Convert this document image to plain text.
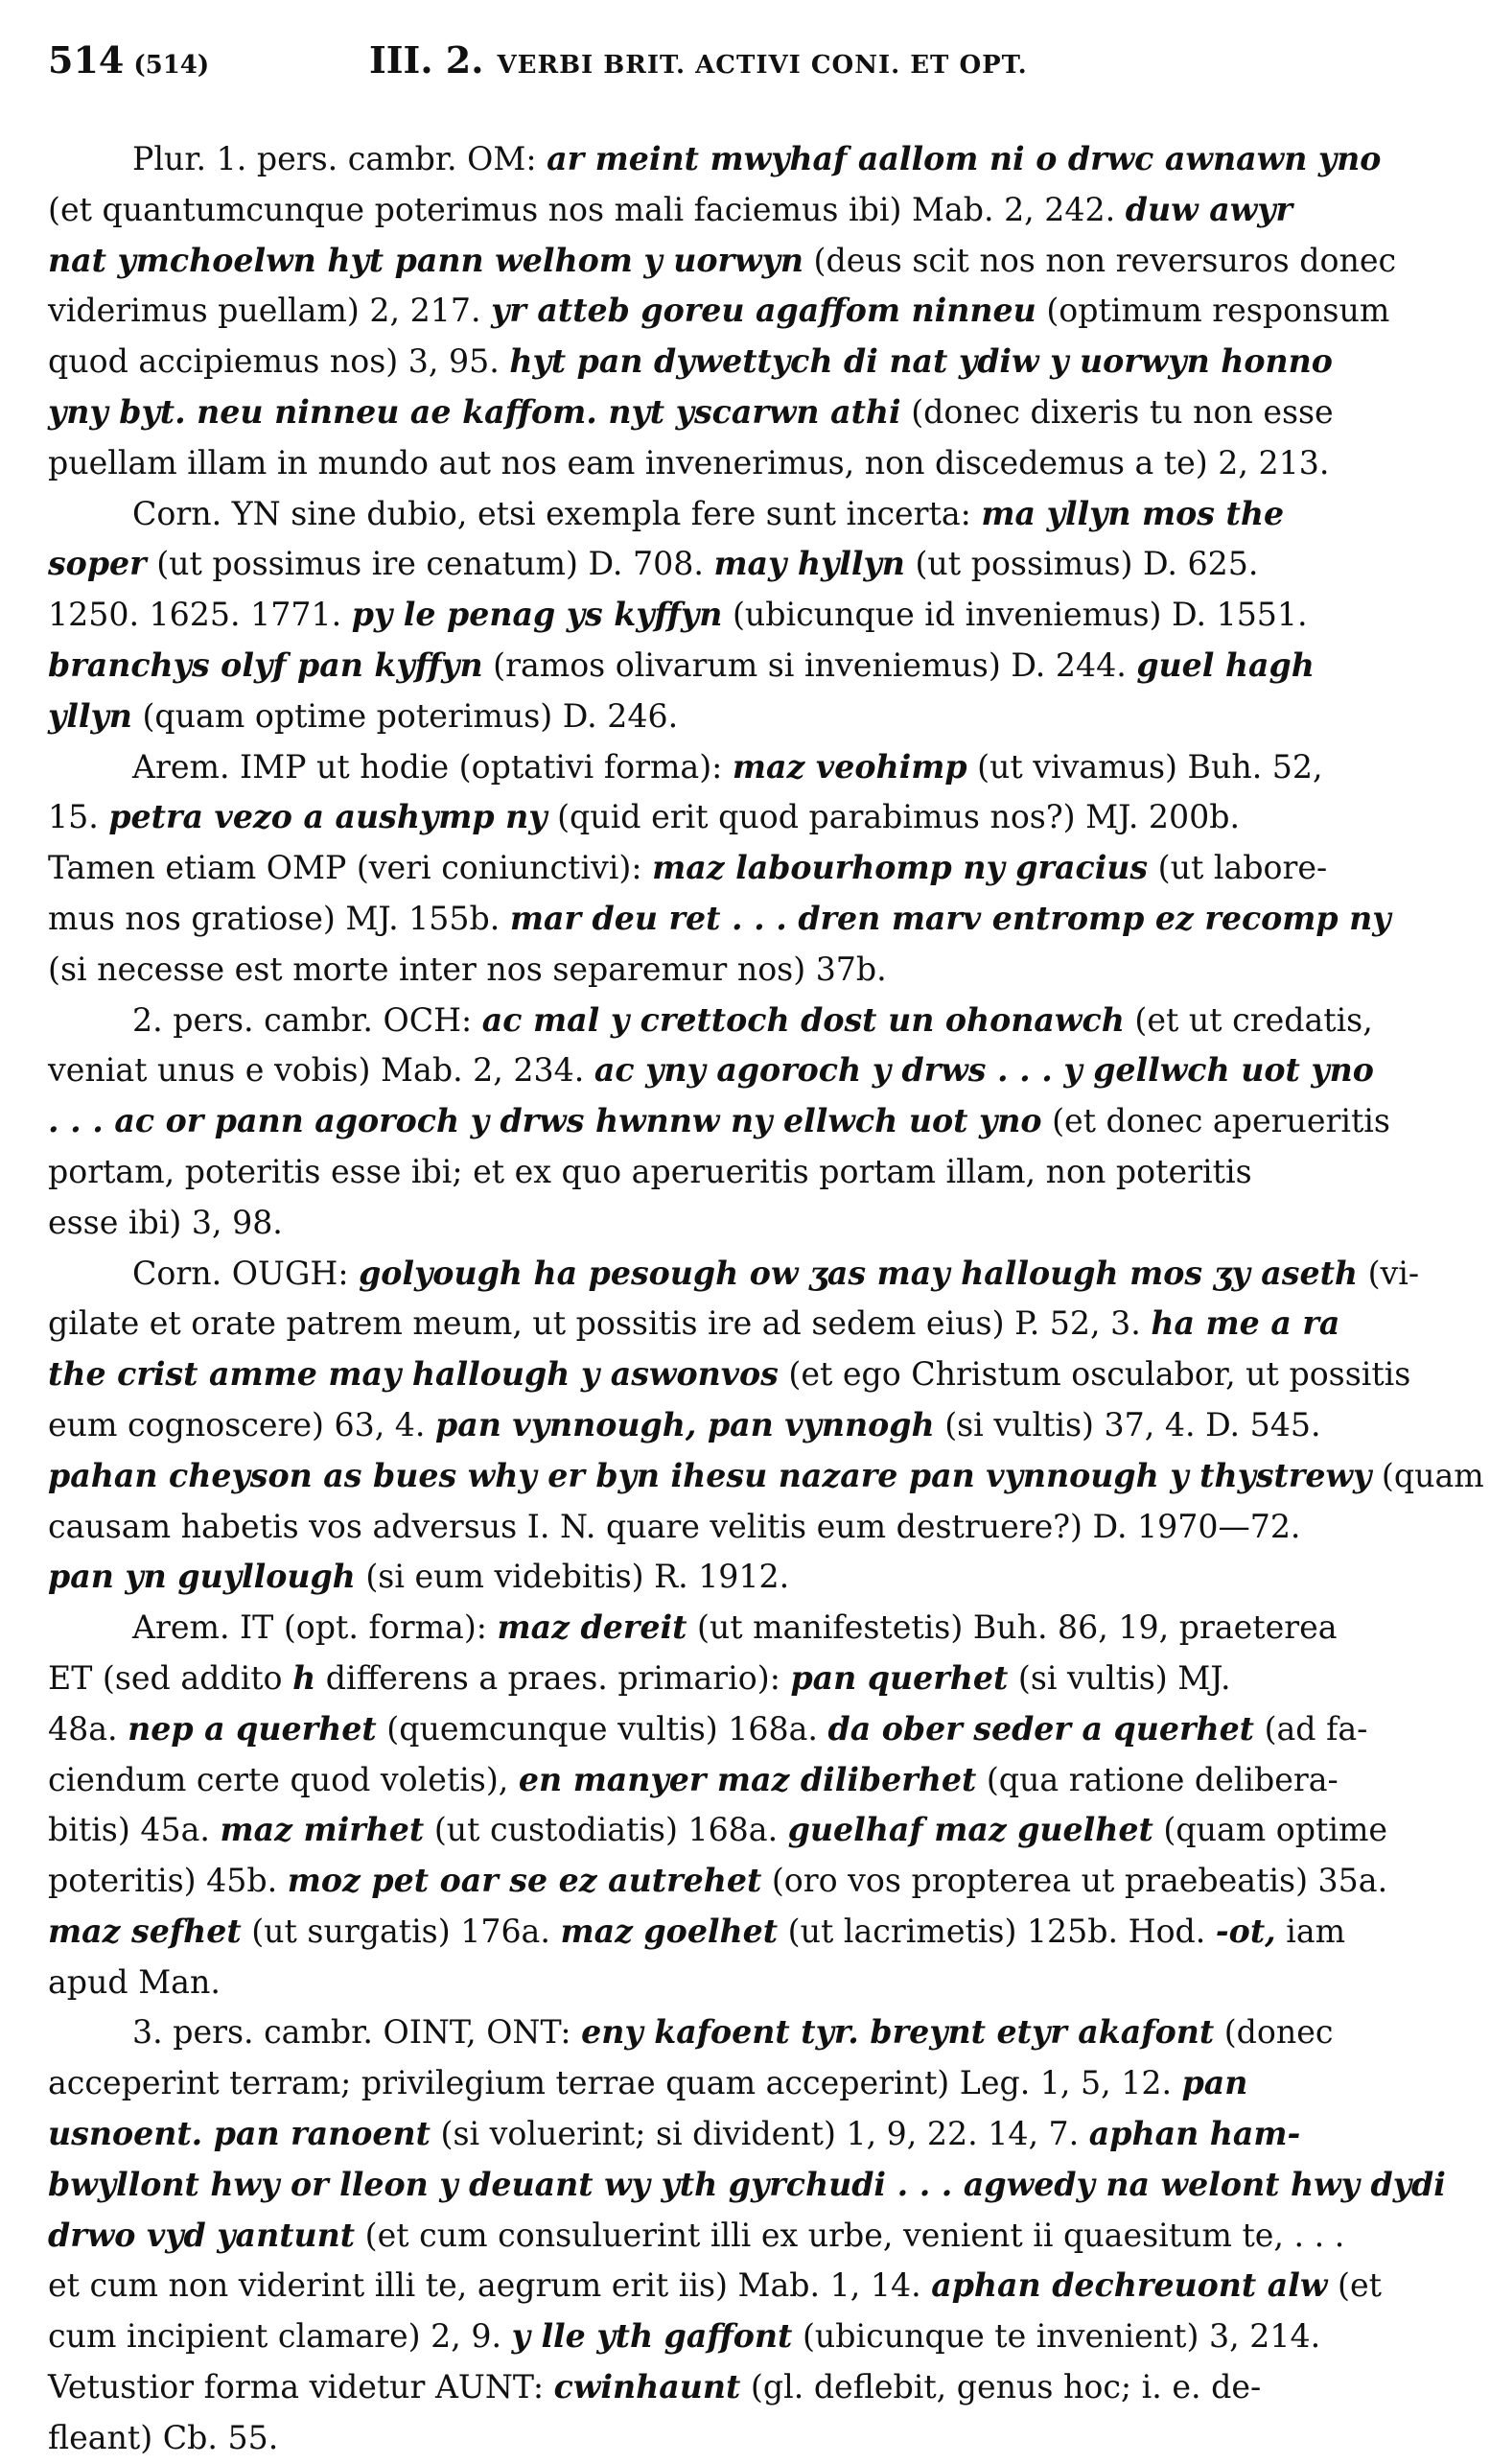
514 (514)	III. 2. VERBI BRIT. ACTIVI CONI. ET OPT.
Plur. 1. pers. cambr. OM: ar meint mwyhaf aallom ni o drwc awnawn yno
(et quantumcunque poterimus nos mali faciemus ibi) Mab. 2, 242. duw awyr
nat ymchoelwn hyt pann welhom y uorwyn (deus scit nos non reversuros donec
viderimus puellam) 2, 217. yr atteb goreu agaffom ninneu (optimum responsum
quod accipiemus nos) 3, 95. hyt pan dywettych di nat ydiw y uorwyn honno
yny byt. neu ninneu ae kaffom. nyt yscarwn athi (donec dixeris tu non esse
puellam illam in mundo aut nos eam invenerimus, non discedemus a te) 2, 213.
Corn. YN sine dubio, etsi exempla fere sunt incerta: ma yllyn mos the
soper (ut possimus ire cenatum) D. 708. may hyllyn (ut possimus) D. 625.
1250. 1625. 1771. py le penag ys kyffyn (ubicunque id inveniemus) D. 1551.
branchys olyf pan kyffyn (ramos olivarum si inveniemus) D. 244. guel hagh
yllyn (quam optime poterimus) D. 246.
Arem. IMP ut hodie (optativi forma): maz veohimp (ut vivamus) Buh. 52,
15. petra vezo a aushymp ny (quid erit quod parabimus nos?) MJ. 200b.
Tamen etiam OMP (veri coniunctivi): maz labourhomp ny gracius (ut labore-
mus nos gratiose) MJ. 155b. mar deu ret . . . dren marv entromp ez recomp ny
(si necesse est morte inter nos separemur nos) 37b.
2. pers. cambr. OCH: ac mal y crettoch dost un ohonawch (et ut credatis,
veniat unus e vobis) Mab. 2, 234. ac yny agoroch y drws . . . y gellwch uot yno
. . . ac or pann agoroch y drws hwnnw ny ellwch uot yno (et donec aperueritis
portam, poteritis esse ibi; et ex quo aperueritis portam illam, non poteritis
esse ibi) 3, 98.
Corn. OUGH: golyough ha pesough ow ʒas may hallough mos ʒy aseth (vi-
gilate et orate patrem meum, ut possitis ire ad sedem eius) P. 52, 3. ha me a ra
the crist amme may hallough y aswonvos (et ego Christum osculabor, ut possitis
eum cognoscere) 63, 4. pan vynnough, pan vynnogh (si vultis) 37, 4. D. 545.
pahan cheyson as bues why er byn ihesu nazare pan vynnough y thystrewy (quam
causam habetis vos adversus I. N. quare velitis eum destruere?) D. 1970—72.
pan yn guyllough (si eum videbitis) R. 1912.
Arem. IT (opt. forma): maz dereit (ut manifestetis) Buh. 86, 19, praeterea
ET (sed addito h differens a praes. primario): pan querhet (si vultis) MJ.
48a. nep a querhet (quemcunque vultis) 168a. da ober seder a querhet (ad fa-
ciendum certe quod voletis), en manyer maz diliberhet (qua ratione delibera-
bitis) 45a. maz mirhet (ut custodiatis) 168a. guelhaf maz guelhet (quam optime
poteritis) 45b. moz pet oar se ez autrehet (oro vos propterea ut praebeatis) 35a.
maz sefhet (ut surgatis) 176a. maz goelhet (ut lacrimetis) 125b. Hod. -ot, iam
apud Man.
3. pers. cambr. OINT, ONT: eny kafoent tyr. breynt etyr akafont (donec
acceperint terram; privilegium terrae quam acceperint) Leg. 1, 5, 12. pan
usnoent. pan ranoent (si voluerint; si divident) 1, 9, 22. 14, 7. aphan ham-
bwyllont hwy or lleon y deuant wy yth gyrchudi . . . agwedy na welont hwy dydi
drwo vyd yantunt (et cum consuluerint illi ex urbe, venient ii quaesitum te, . . .
et cum non viderint illi te, aegrum erit iis) Mab. 1, 14. aphan dechreuont alw (et
cum incipient clamare) 2, 9. y lle yth gaffont (ubicunque te invenient) 3, 214.
Vetustior forma videtur AUNT: cwinhaunt (gl. deflebit, genus hoc; i. e. de-
fleant) Cb. 55.
